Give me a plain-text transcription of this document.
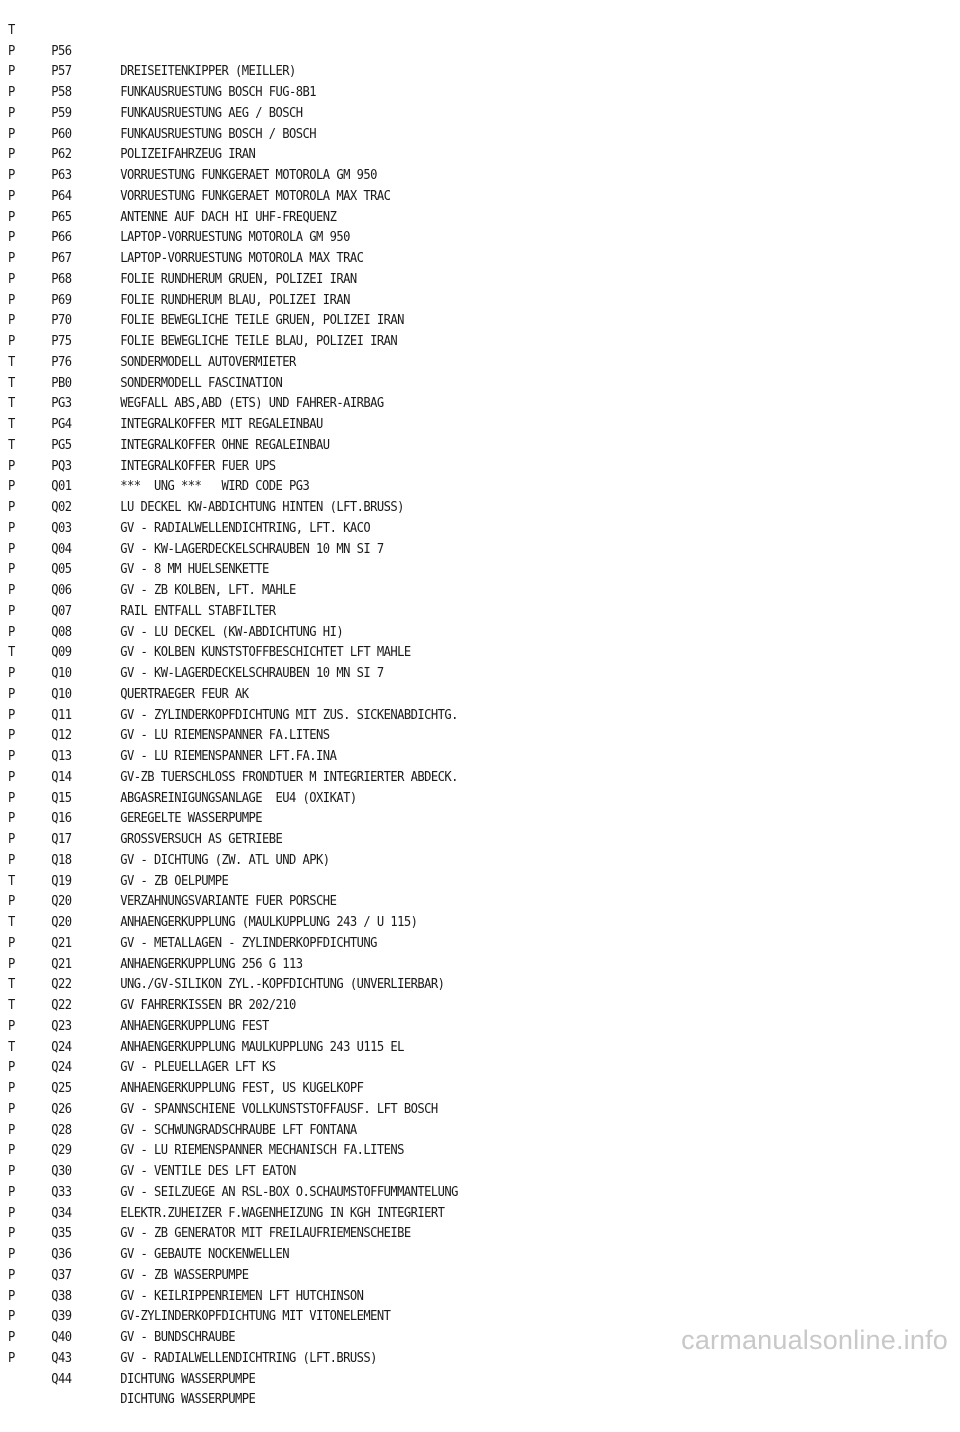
T

P56

DREISEITENKIPPER (MEILLER)

P

P57

FUNKAUSRUESTUNG BOSCH FUG-8B1

P

P58

FUNKAUSRUESTUNG AEG / BOSCH

P

P59

FUNKAUSRUESTUNG BOSCH / BOSCH

P

P60

POLIZEIFAHRZEUG IRAN

P

P62

VORRUESTUNG FUNKGERAET MOTOROLA GM 950

P

P63

VORRUESTUNG FUNKGERAET MOTOROLA MAX TRAC

P

P64

ANTENNE AUF DACH HI UHF-FREQUENZ

P

P65

LAPTOP-VORRUESTUNG MOTOROLA GM 950

P

P66

LAPTOP-VORRUESTUNG MOTOROLA MAX TRAC

P

P67

FOLIE RUNDHERUM GRUEN, POLIZEI IRAN

P

P68

FOLIE RUNDHERUM BLAU, POLIZEI IRAN

P

P69

FOLIE BEWEGLICHE TEILE GRUEN, POLIZEI IRAN

P

P70

FOLIE BEWEGLICHE TEILE BLAU, POLIZEI IRAN

P

P75

SONDERMODELL AUTOVERMIETER

P

P76

SONDERMODELL FASCINATION

T

PB0

WEGFALL ABS,ABD (ETS) UND FAHRER-AIRBAG

T

PG3

INTEGRALKOFFER MIT REGALEINBAU

T

PG4

INTEGRALKOFFER OHNE REGALEINBAU

T

PG5

INTEGRALKOFFER FUER UPS

T

PQ3

***  UNG ***   WIRD CODE PG3

P

Q01

LU DECKEL KW-ABDICHTUNG HINTEN (LFT.BRUSS)

P

Q02

GV - RADIALWELLENDICHTRING, LFT. KACO

P

Q03

GV - KW-LAGERDECKELSCHRAUBEN 10 MN SI 7

P

Q04

GV - 8 MM HUELSENKETTE

P

Q05

GV - ZB KOLBEN, LFT. MAHLE

P

Q06

RAIL ENTFALL STABFILTER

P

Q07

GV - LU DECKEL (KW-ABDICHTUNG HI)

P

Q08

GV - KOLBEN KUNSTSTOFFBESCHICHTET LFT MAHLE

P

Q09

GV - KW-LAGERDECKELSCHRAUBEN 10 MN SI 7

T

Q10

QUERTRAEGER FEUR AK

P

Q10

GV - ZYLINDERKOPFDICHTUNG MIT ZUS. SICKENABDICHTG.

P

Q11

GV - LU RIEMENSPANNER FA.LITENS

P

Q12

GV - LU RIEMENSPANNER LFT.FA.INA

P

Q13

GV-ZB TUERSCHLOSS FRONDTUER M INTEGRIERTER ABDECK.

P

Q14

ABGASREINIGUNGSANLAGE  EU4 (OXIKAT)

P

Q15

GEREGELTE WASSERPUMPE

P

Q16

GROSSVERSUCH AS GETRIEBE

P

Q17

GV - DICHTUNG (ZW. ATL UND APK)

P

Q18

GV - ZB OELPUMPE

P

Q19

VERZAHNUNGSVARIANTE FUER PORSCHE

T

Q20

ANHAENGERKUPPLUNG (MAULKUPPLUNG 243 / U 115)

P

Q20

GV - METALLAGEN - ZYLINDERKOPFDICHTUNG

T

Q21

ANHAENGERKUPPLUNG 256 G 113

P

Q21

UNG./GV-SILIKON ZYL.-KOPFDICHTUNG (UNVERLIERBAR)

P

Q22

GV FAHRERKISSEN BR 202/210

T

Q22

ANHAENGERKUPPLUNG FEST

T

Q23

ANHAENGERKUPPLUNG MAULKUPPLUNG 243 U115 EL

P

Q24

GV - PLEUELLAGER LFT KS

T

Q24

ANHAENGERKUPPLUNG FEST, US KUGELKOPF

P

Q25

GV - SPANNSCHIENE VOLLKUNSTSTOFFAUSF. LFT BOSCH

P

Q26

GV - SCHWUNGRADSCHRAUBE LFT FONTANA

P

Q28

GV - LU RIEMENSPANNER MECHANISCH FA.LITENS

P

Q29

GV - VENTILE DES LFT EATON

P

Q30

GV - SEILZUEGE AN RSL-BOX O.SCHAUMSTOFFUMMANTELUNG

P

Q33

ELEKTR.ZUHEIZER F.WAGENHEIZUNG IN KGH INTEGRIERT

P

Q34

GV - ZB GENERATOR MIT FREILAUFRIEMENSCHEIBE

P

Q35

GV - GEBAUTE NOCKENWELLEN

P

Q36

GV - ZB WASSERPUMPE

P

Q37

GV - KEILRIPPENRIEMEN LFT HUTCHINSON

P

Q38

GV-ZYLINDERKOPFDICHTUNG MIT VITONELEMENT

P

Q39

GV - BUNDSCHRAUBE

P

Q40

GV - RADIALWELLENDICHTRING (LFT.BRUSS)

P

Q43

DICHTUNG WASSERPUMPE

P

Q44

DICHTUNG WASSERPUMPE

carmanualsonline.info
